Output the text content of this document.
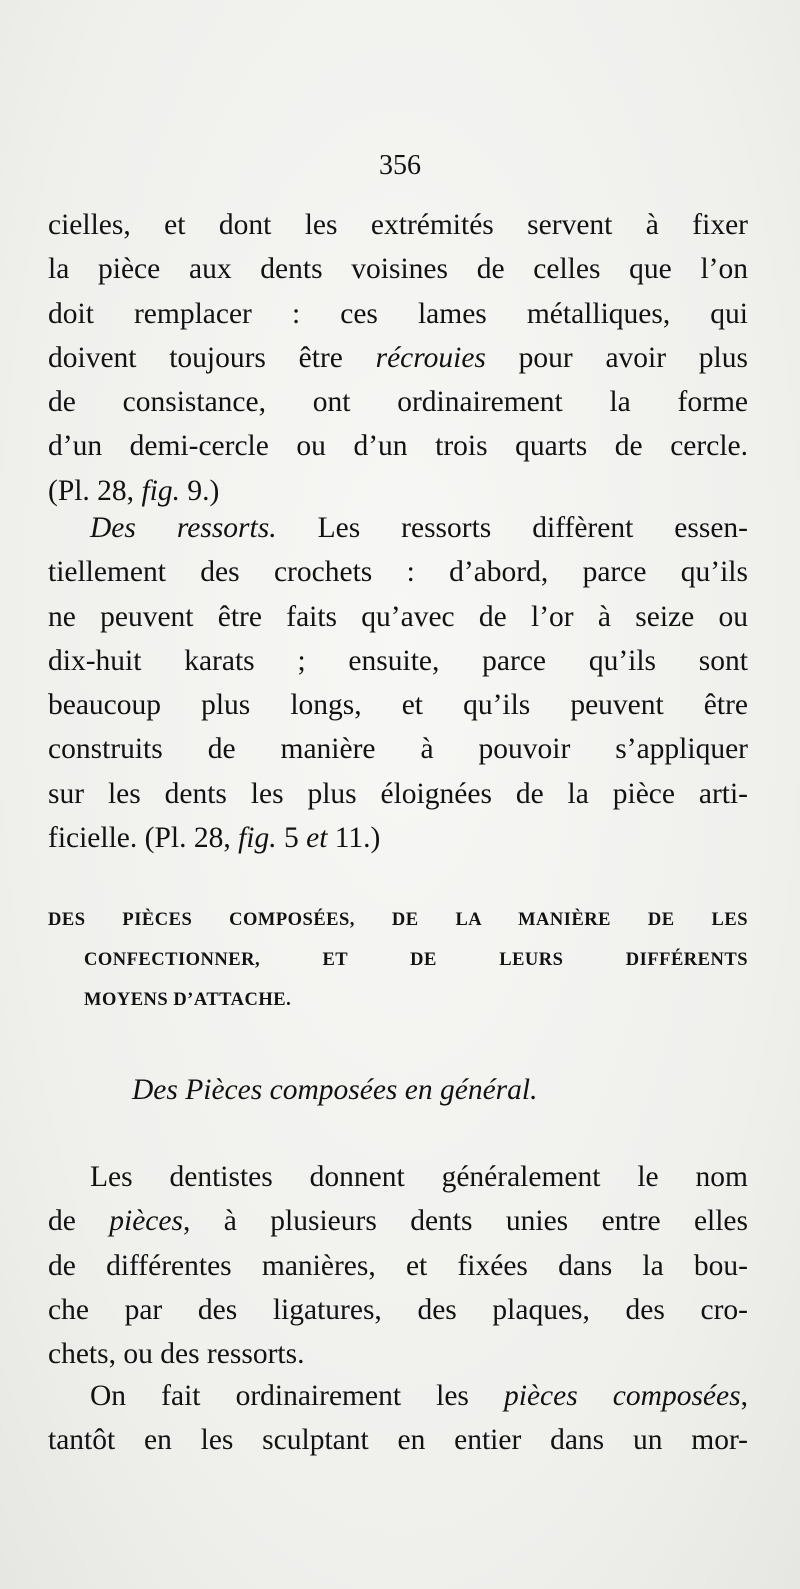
356
cielles, et dont les extrémités servent à fixer
la pièce aux dents voisines de celles que l’on
doit remplacer : ces lames métalliques, qui
doivent toujours être récrouies pour avoir plus
de consistance, ont ordinairement la forme
d’un demi-cercle ou d’un trois quarts de cercle.
(Pl. 28, fig. 9.)
Des ressorts. Les ressorts diffèrent essen-
tiellement des crochets : d’abord, parce qu’ils
ne peuvent être faits qu’avec de l’or à seize ou
dix-huit karats ; ensuite, parce qu’ils sont
beaucoup plus longs, et qu’ils peuvent être
construits de manière à pouvoir s’appliquer
sur les dents les plus éloignées de la pièce arti-
ficielle. (Pl. 28, fig. 5 et 11.)
DES PIÈCES COMPOSÉES, DE LA MANIÈRE DE LES
CONFECTIONNER, ET DE LEURS DIFFÉRENTS
MOYENS D’ATTACHE.
Des Pièces composées en général.
Les dentistes donnent généralement le nom
de pièces, à plusieurs dents unies entre elles
de différentes manières, et fixées dans la bou-
che par des ligatures, des plaques, des cro-
chets, ou des ressorts.
On fait ordinairement les pièces composées,
tantôt en les sculptant en entier dans un mor-
